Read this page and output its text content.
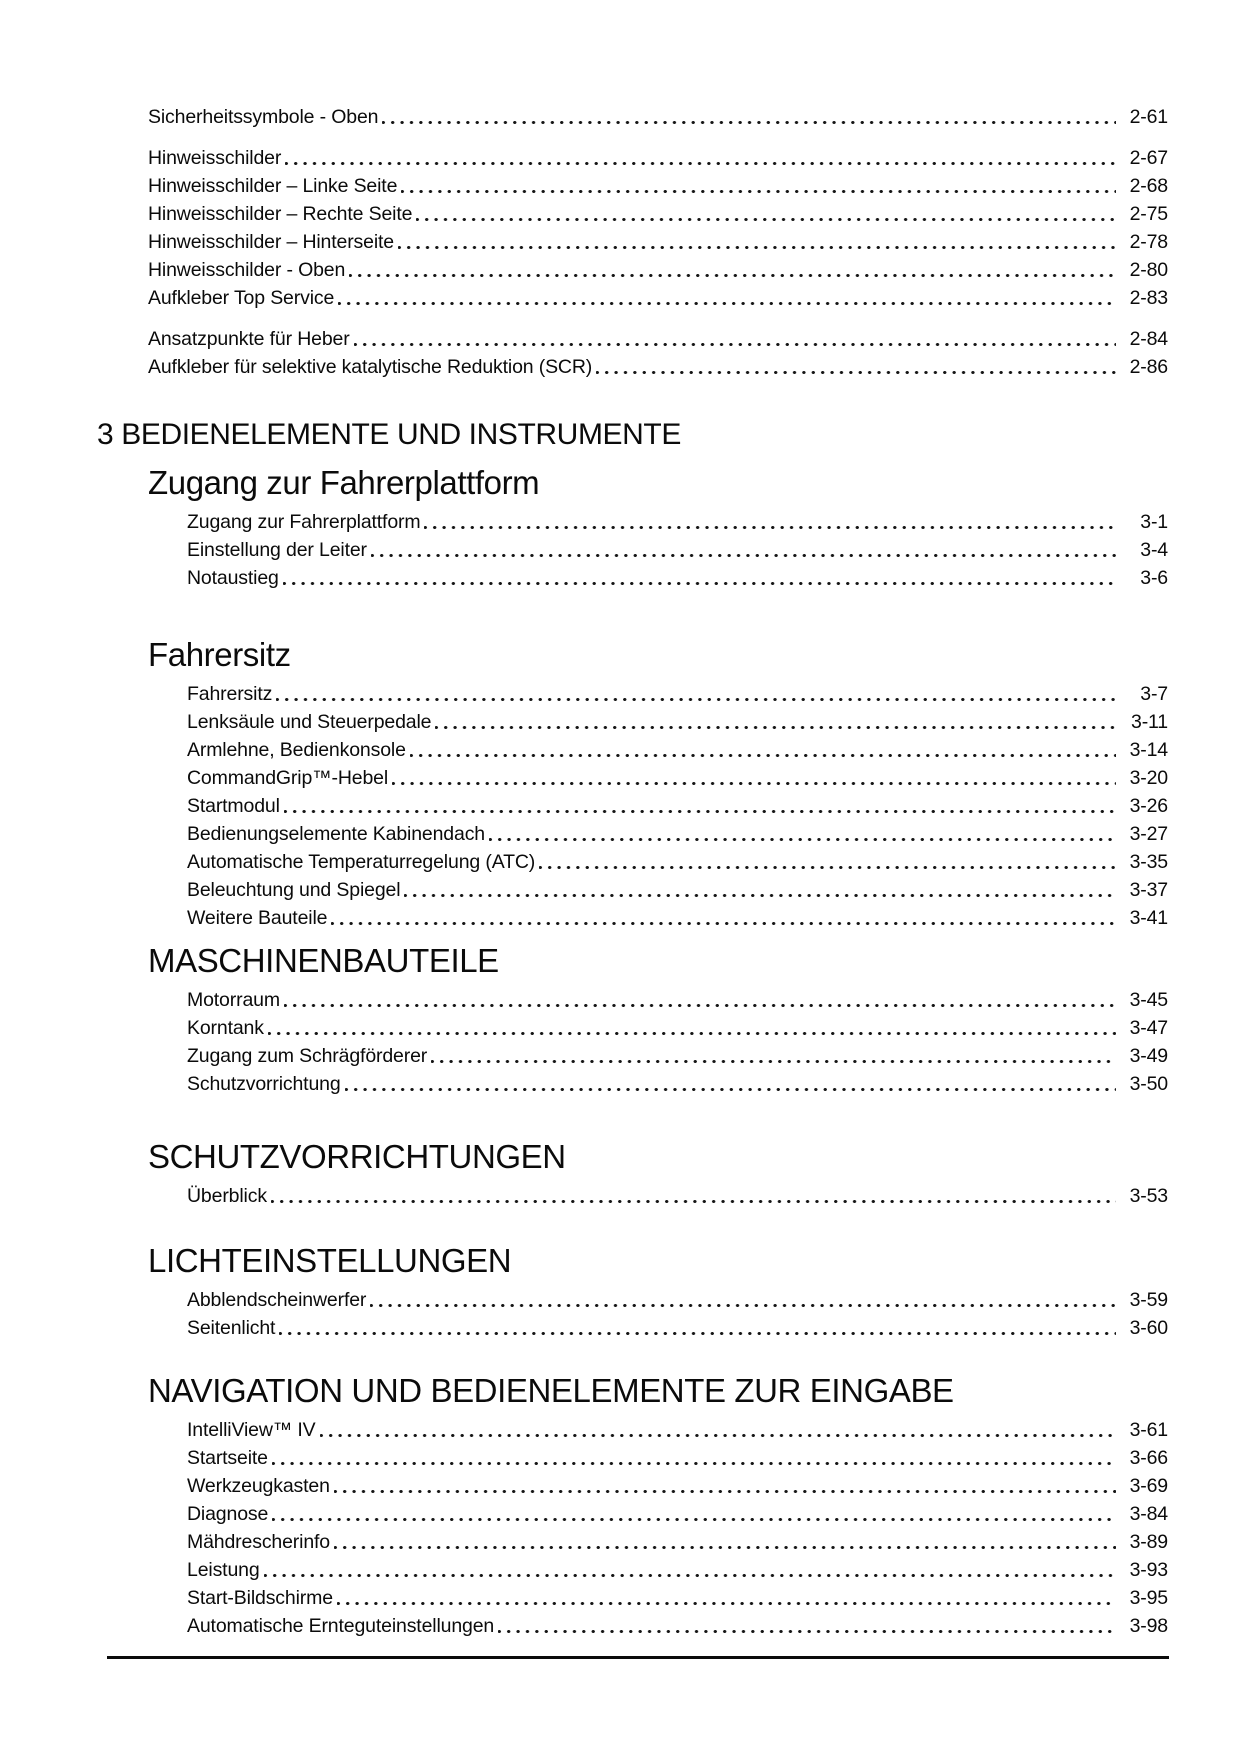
Sicherheitssymbole - Oben	2-61
Hinweisschilder	2-67
Hinweisschilder – Linke Seite	2-68
Hinweisschilder – Rechte Seite	2-75
Hinweisschilder – Hinterseite	2-78
Hinweisschilder - Oben	2-80
Aufkleber Top Service	2-83
Ansatzpunkte für Heber	2-84
Aufkleber für selektive katalytische Reduktion (SCR)	2-86
3 BEDIENELEMENTE UND INSTRUMENTE
Zugang zur Fahrerplattform
Zugang zur Fahrerplattform	3-1
Einstellung der Leiter	3-4
Notaustieg	3-6
Fahrersitz
Fahrersitz	3-7
Lenksäule und Steuerpedale	3-11
Armlehne, Bedienkonsole	3-14
CommandGrip™-Hebel	3-20
Startmodul	3-26
Bedienungselemente Kabinendach	3-27
Automatische Temperaturregelung (ATC)	3-35
Beleuchtung und Spiegel	3-37
Weitere Bauteile	3-41
MASCHINENBAUTEILE
Motorraum	3-45
Korntank	3-47
Zugang zum Schrägförderer	3-49
Schutzvorrichtung	3-50
SCHUTZVORRICHTUNGEN
Überblick	3-53
LICHTEINSTELLUNGEN
Abblendscheinwerfer	3-59
Seitenlicht	3-60
NAVIGATION UND BEDIENELEMENTE ZUR EINGABE
IntelliView™ IV	3-61
Startseite	3-66
Werkzeugkasten	3-69
Diagnose	3-84
Mähdrescherinfo	3-89
Leistung	3-93
Start-Bildschirme	3-95
Automatische Ernteguteinstellungen	3-98
